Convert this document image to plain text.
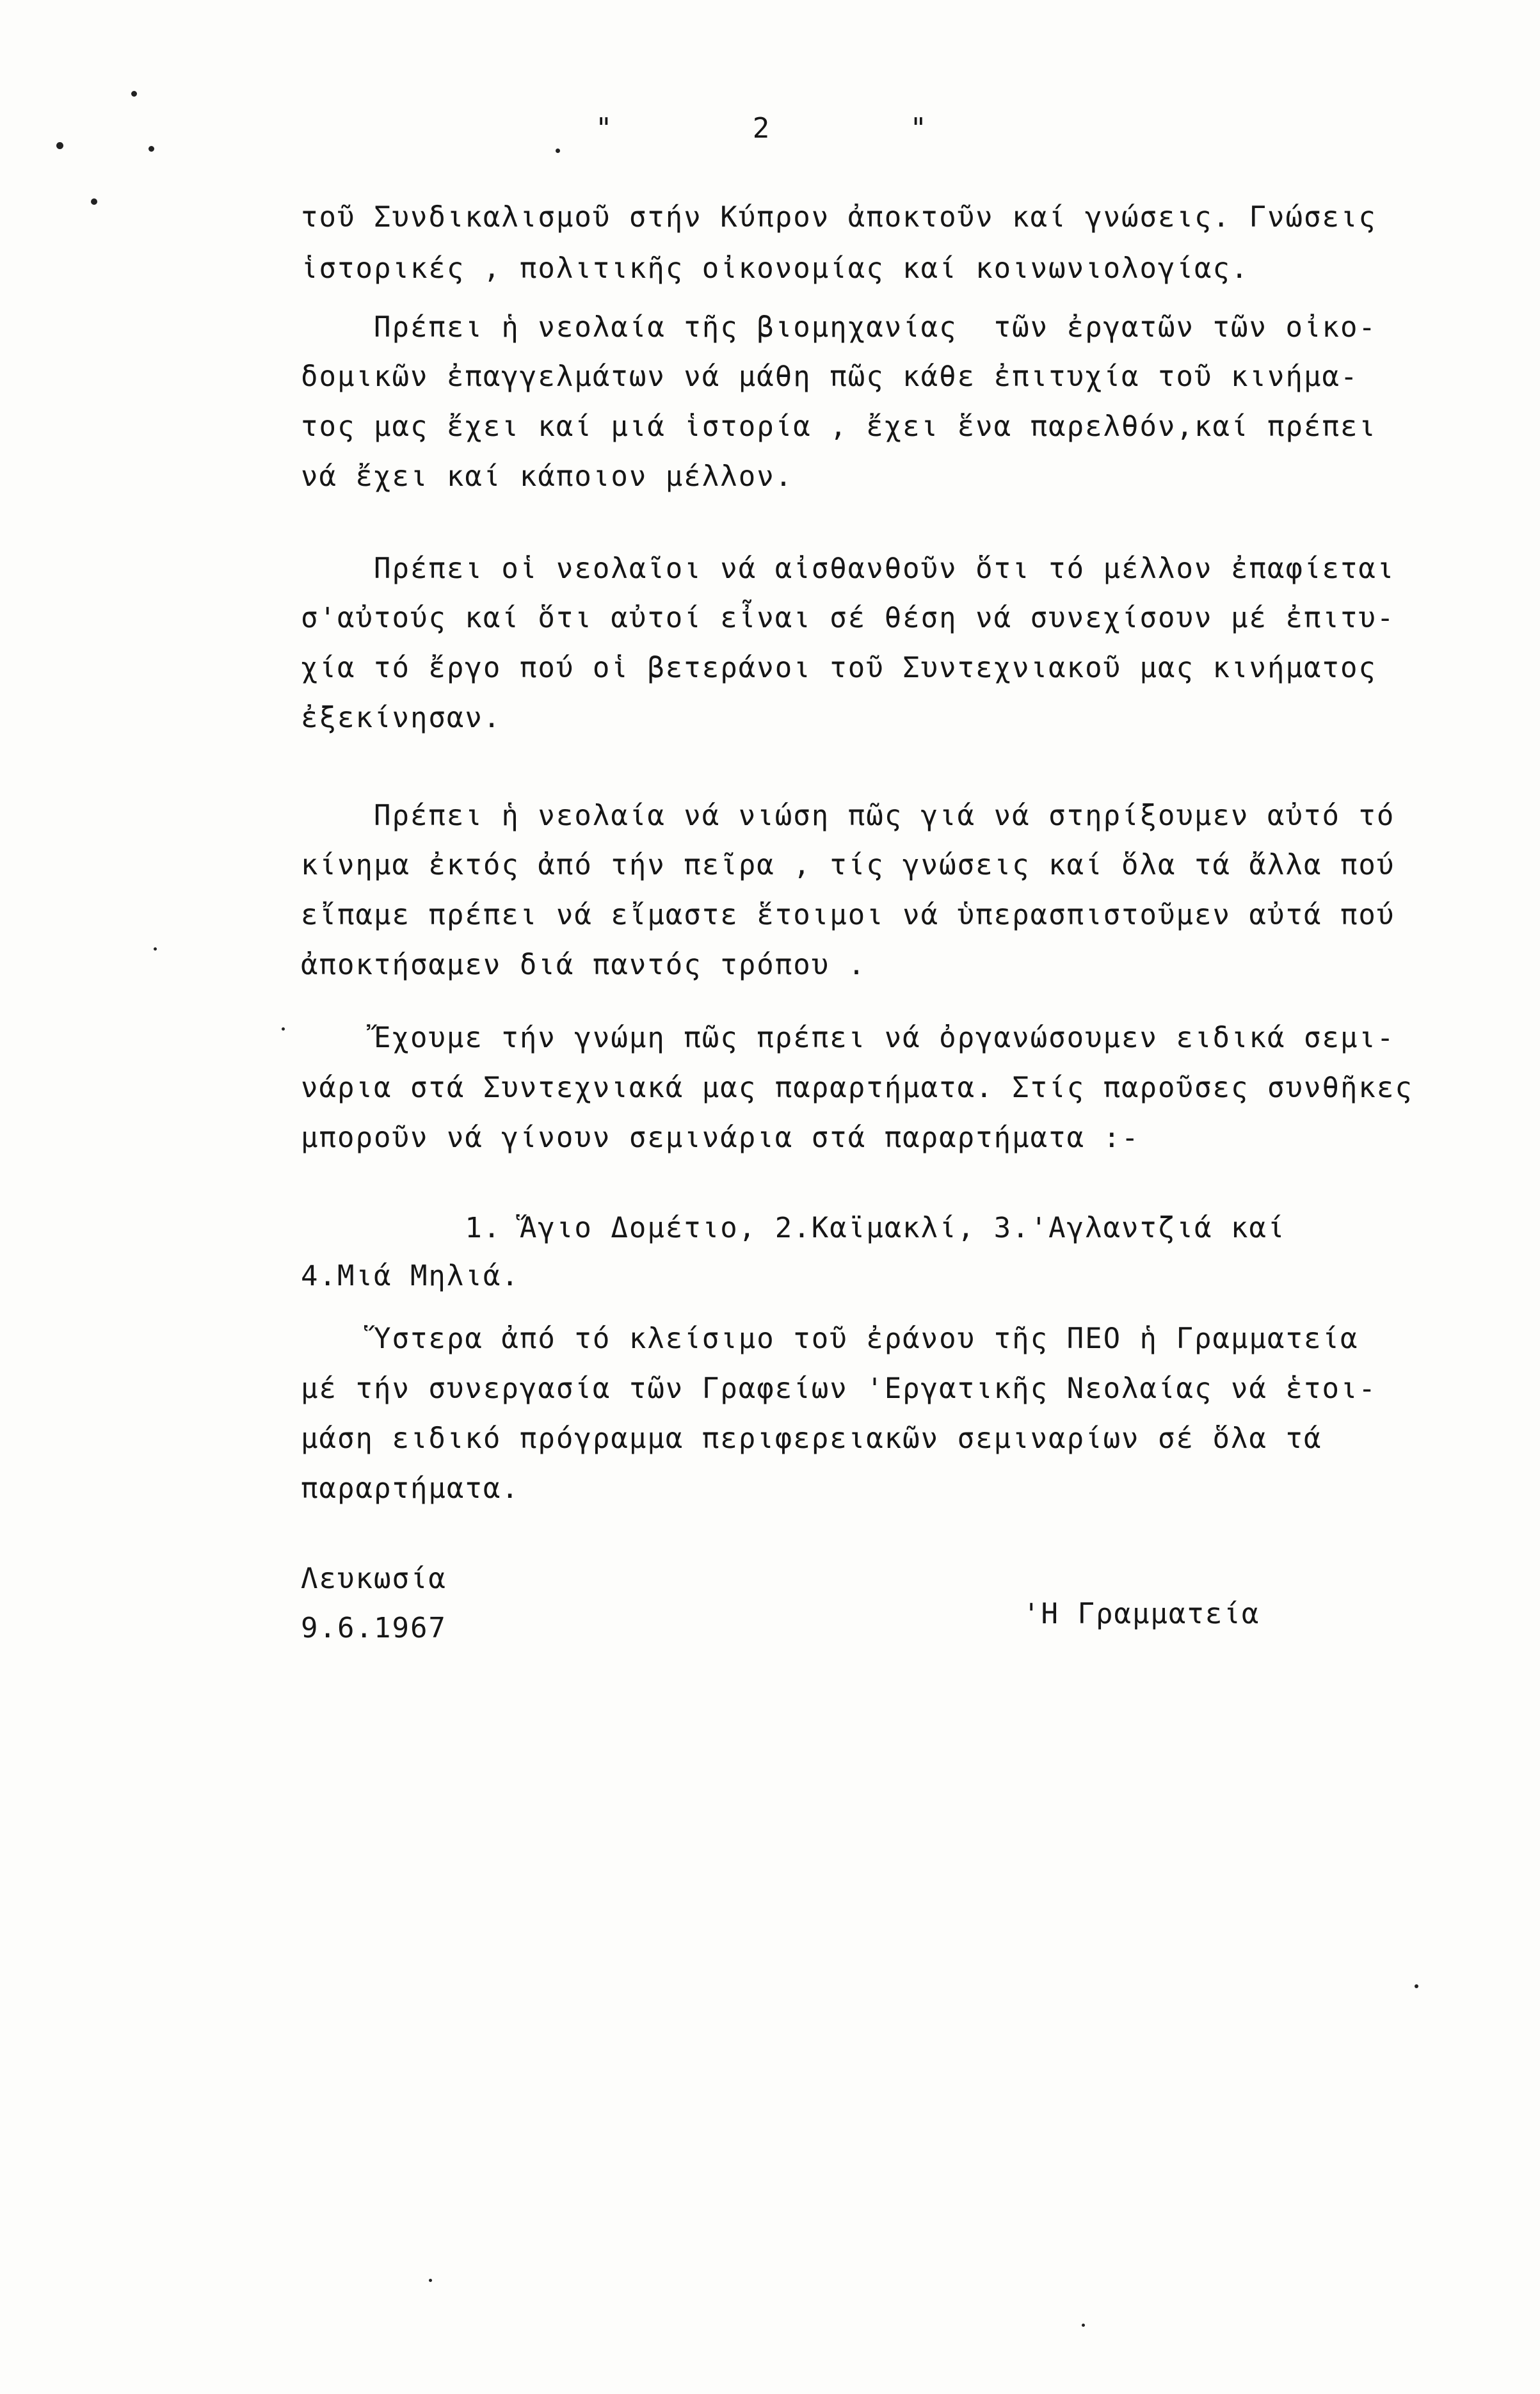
"	2	"
τοῦ Συνδικαλισμοῦ στήν Κύπρον ἀποκτοῦν καί γνώσεις. Γνώσεις
ἱστορικές , πολιτικῆς οἰκονομίας καί κοινωνιολογίας.
Πρέπει ἡ νεολαία τῆς βιομηχανίας  τῶν ἐργατῶν τῶν οἰκο-
δομικῶν ἐπαγγελμάτων νά μάθη πῶς κάθε ἐπιτυχία τοῦ κινήμα-
τος μας ἔχει καί μιά ἱστορία , ἔχει ἕνα παρελθόν,καί πρέπει
νά ἔχει καί κάποιον μέλλον.
Πρέπει οἱ νεολαῖοι νά αἰσθανθοῦν ὅτι τό μέλλον ἐπαφίεται
σ'αὐτούς καί ὅτι αὐτοί εἶναι σέ θέση νά συνεχίσουν μέ ἐπιτυ-
χία τό ἔργο πού οἱ βετεράνοι τοῦ Συντεχνιακοῦ μας κινήματος
ἐξεκίνησαν.
Πρέπει ἡ νεολαία νά νιώση πῶς γιά νά στηρίξουμεν αὐτό τό
κίνημα ἐκτός ἀπό τήν πεῖρα , τίς γνώσεις καί ὅλα τά ἄλλα πού
εἴπαμε πρέπει νά εἴμαστε ἕτοιμοι νά ὑπερασπιστοῦμεν αὐτά πού
ἀποκτήσαμεν διά παντός τρόπου .
Ἔχουμε τήν γνώμη πῶς πρέπει νά ὀργανώσουμεν ειδικά σεμι-
νάρια στά Συντεχνιακά μας παραρτήματα. Στίς παροῦσες συνθῆκες
μποροῦν νά γίνουν σεμινάρια στά παραρτήματα :-
1. Ἅγιο Δομέτιο, 2.Καϊμακλί, 3.'Αγλαντζιά καί
4.Μιά Μηλιά.
Ὕστερα ἀπό τό κλείσιμο τοῦ ἐράνου τῆς ΠΕΟ ἡ Γραμματεία
μέ τήν συνεργασία τῶν Γραφείων 'Εργατικῆς Νεολαίας νά ἑτοι-
μάση ειδικό πρόγραμμα περιφερειακῶν σεμιναρίων σέ ὅλα τά
παραρτήματα.
Λευκωσία
9.6.1967	'Η Γραμματεία
